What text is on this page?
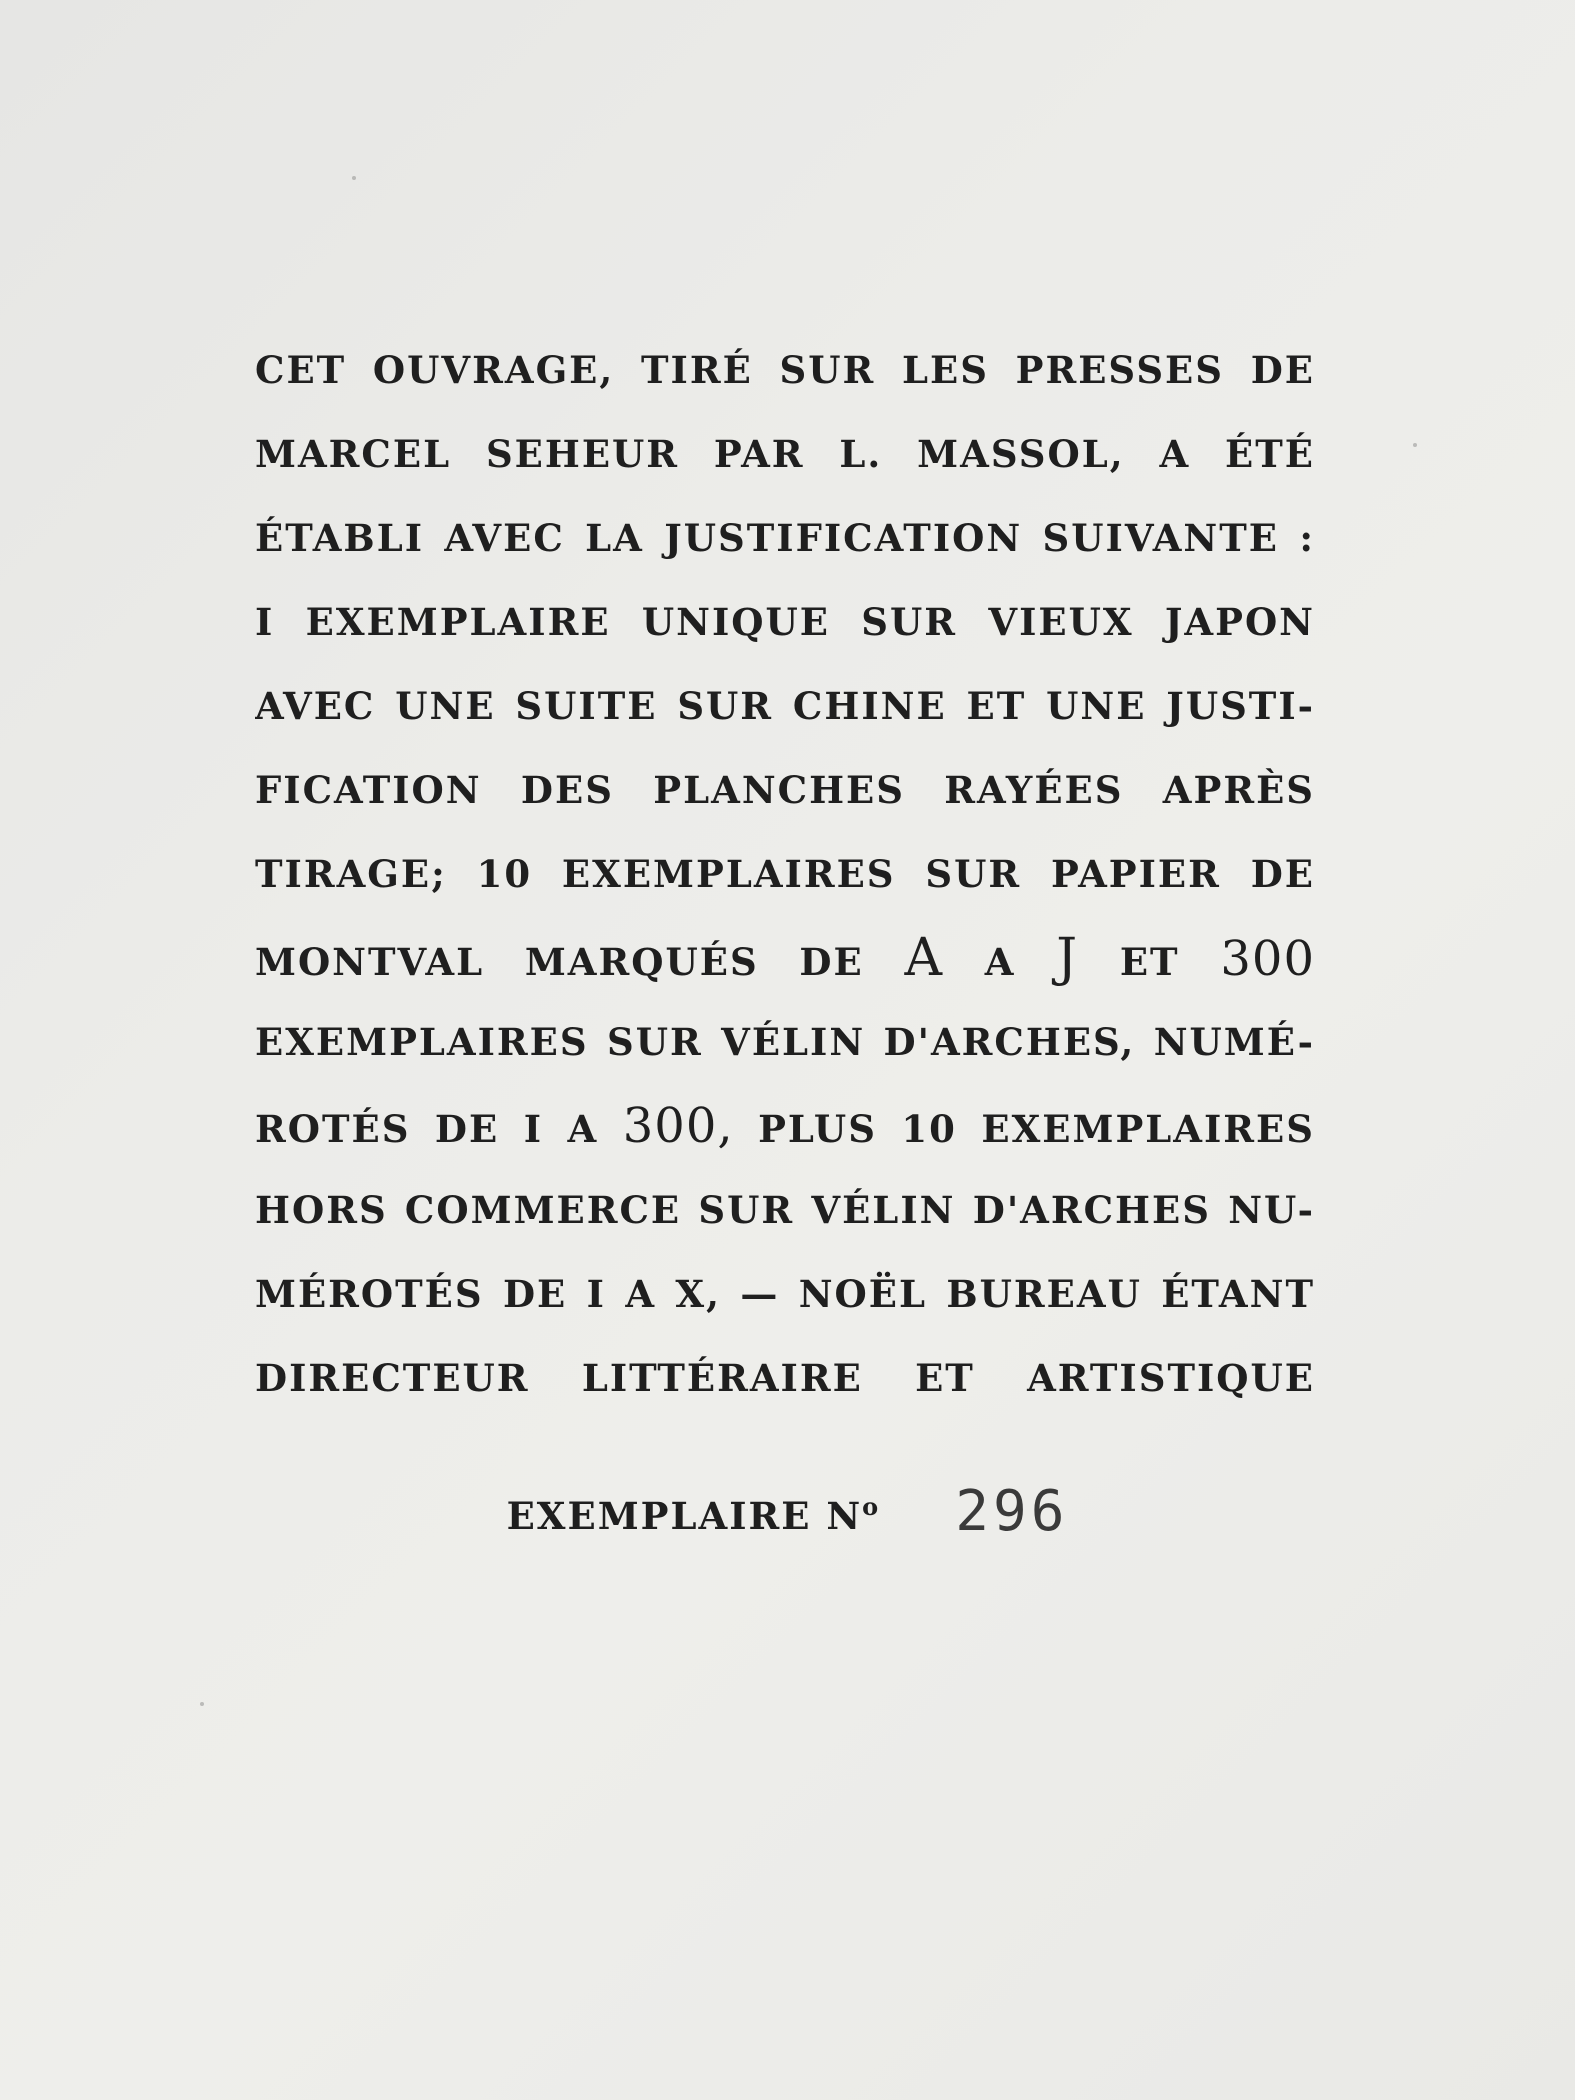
CET OUVRAGE, TIRÉ SUR LES PRESSES DE
MARCEL SEHEUR PAR L. MASSOL, A ÉTÉ
ÉTABLI AVEC LA JUSTIFICATION SUIVANTE :
I EXEMPLAIRE UNIQUE SUR VIEUX JAPON
AVEC UNE SUITE SUR CHINE ET UNE JUSTI-
FICATION DES PLANCHES RAYÉES APRÈS
TIRAGE; 10 EXEMPLAIRES SUR PAPIER DE
MONTVAL MARQUÉS DE A A J ET 300
EXEMPLAIRES SUR VÉLIN D'ARCHES, NUMÉ-
ROTÉS DE I A 300, PLUS 10 EXEMPLAIRES
HORS COMMERCE SUR VÉLIN D'ARCHES NU-
MÉROTÉS DE I A X, — NOËL BUREAU ÉTANT
DIRECTEUR LITTÉRAIRE ET ARTISTIQUE
EXEMPLAIRE $N^o$ 296
